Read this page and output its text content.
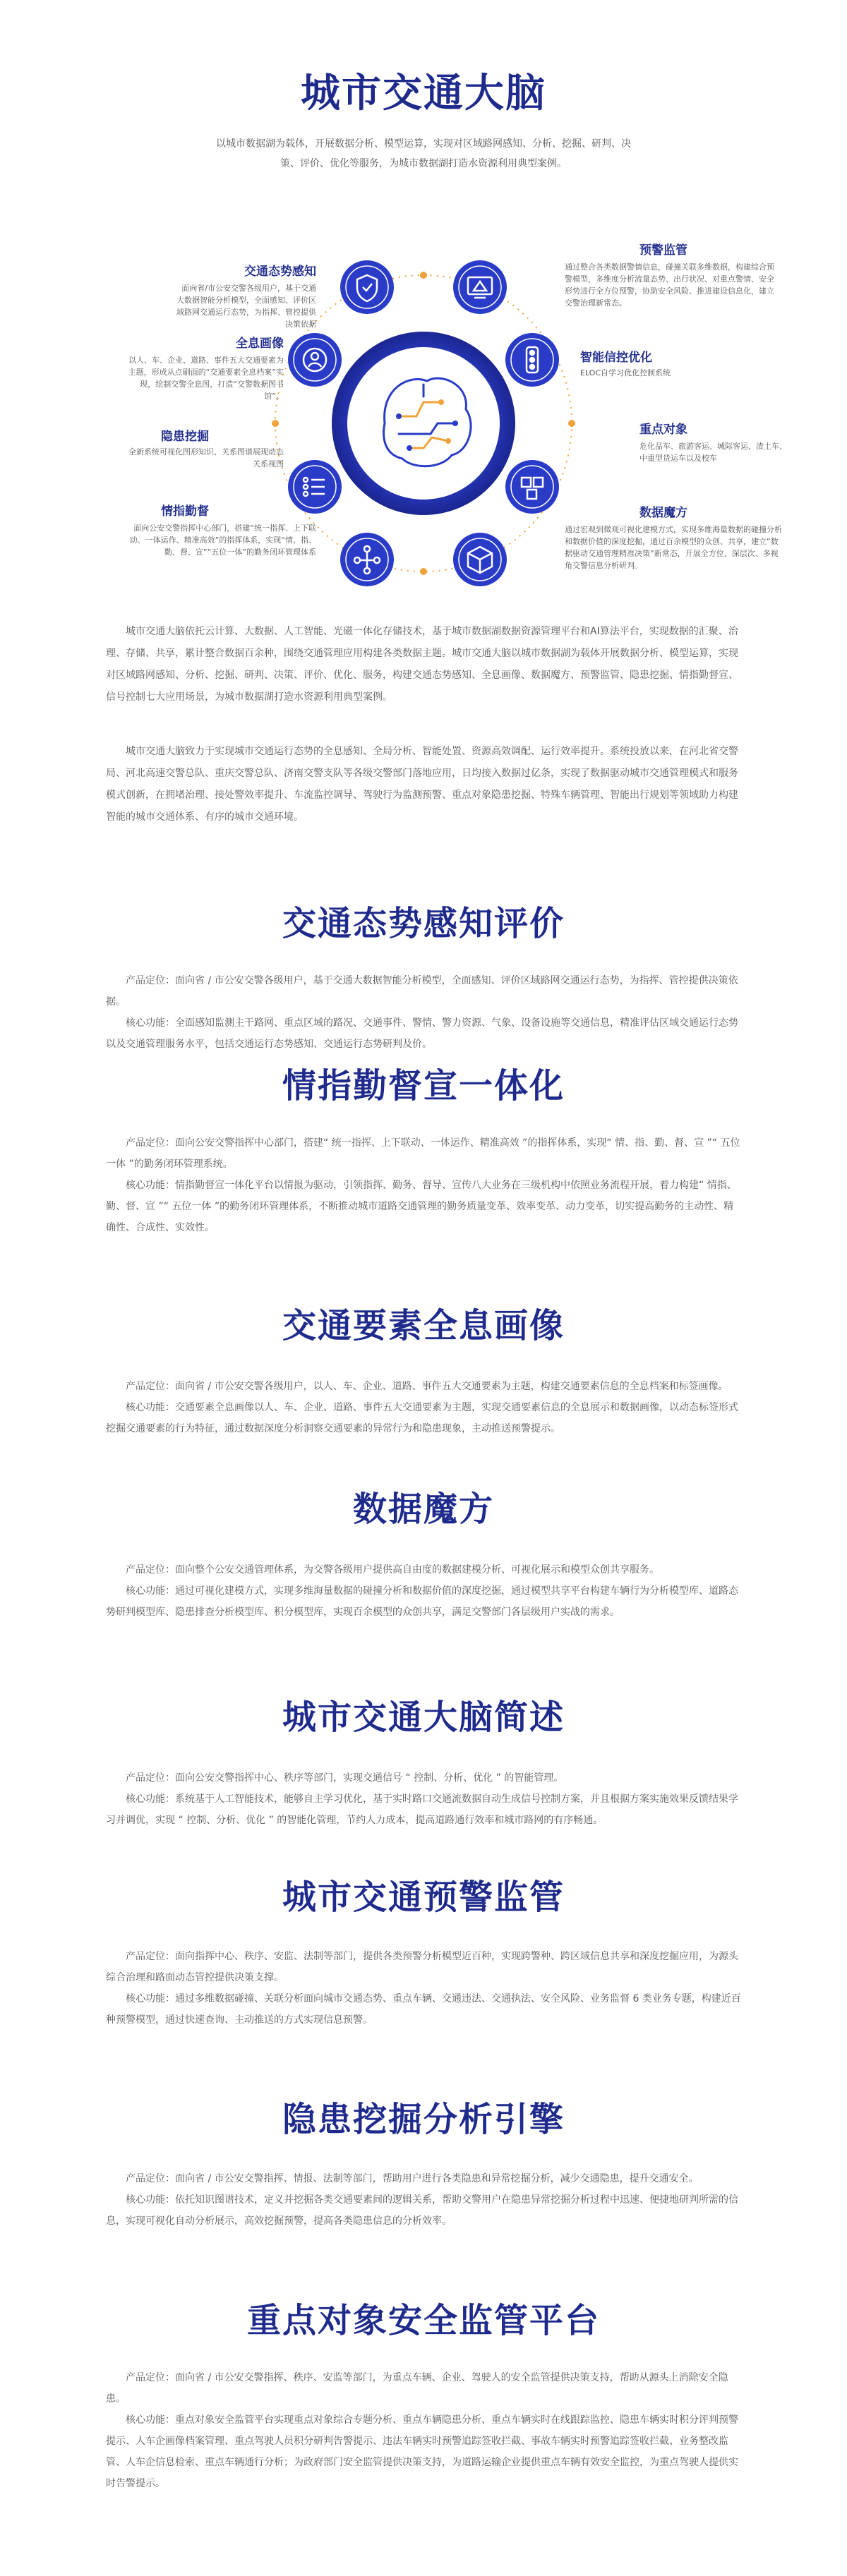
城市交通大脑

以城市数据湖为载体，开展数据分析、模型运算，实现对区域路网感知、分析、挖掘、研判、决策、评价、优化等服务，为城市数据湖打造水资源利用典型案例。

交通态势感知

面向省/市公安交警各级用户，基于交通大数据智能分析模型，全面感知、评价区域路网交通运行态势，为指挥、管控提供决策依据

全息画像

以人、车、企业、道路、事件五大交通要素为主题，形成从点刷面的“交通要素全息档案”实现，绘制交警全息图，打造“交警数据图书馆”。

隐患挖掘

全新系统可视化图形知识、关系图谱展现动态关系视图

情指勤督

面向公安交警指挥中心部门，搭建“统一指挥、上下联动、一体运作、精准高效”的指挥体系，实现“情、指、勤、督、宣”“五位一体”的勤务闭环管理体系

预警监管

通过整合各类数据警情信息，碰撞关联多维数据，构建综合预警模型，多维度分析流量态势、出行状况、对重点警情、安全形势进行全方位预警，协助安全风险、推进建设信息化，建立交警治理新常态。

智能信控优化

ELOC自学习优化控制系统

重点对象

危化品车、旅游客运、城际客运、渣土车、中重型货运车以及校车

数据魔方

通过宏观到微观可视化建模方式，实现多维海量数据的碰撞分析和数据价值的深度挖掘，通过百余模型的众创、共享，建立“数据驱动交通管理精准决策”新常态，开展全方位、深层次、多视角交警信息分析研判。

城市交通大脑依托云计算、大数据、人工智能、光磁一体化存储技术，基于城市数据湖数据资源管理平台和AI算法平台，实现数据的汇聚、治理、存储、共享，累计整合数据百余种，围绕交通管理应用构建各类数据主题。城市交通大脑以城市数据湖为载体开展数据分析、模型运算，实现对区域路网感知、分析、挖掘、研判、决策、评价、优化、服务，构建交通态势感知、全息画像、数据魔方、预警监管、隐患挖掘、情指勤督宣、信号控制七大应用场景，为城市数据湖打造水资源利用典型案例。

城市交通大脑致力于实现城市交通运行态势的全息感知、全局分析、智能处置、资源高效调配、运行效率提升。系统投放以来，在河北省交警局、河北高速交警总队、重庆交警总队、济南交警支队等各级交警部门落地应用，日均接入数据过亿条，实现了数据驱动城市交通管理模式和服务模式创新，在拥堵治理、接处警效率提升、车流监控调导、驾驶行为监测预警、重点对象隐患挖掘、特殊车辆管理、智能出行规划等领域助力构建智能的城市交通体系、有序的城市交通环境。

交通态势感知评价

产品定位：面向省 / 市公安交警各级用户，基于交通大数据智能分析模型，全面感知、评价区域路网交通运行态势，为指挥、管控提供决策依据。

核心功能：全面感知监测主干路网、重点区域的路况、交通事件、警情、警力资源、气象、设备设施等交通信息，精准评估区域交通运行态势以及交通管理服务水平，包括交通运行态势感知、交通运行态势研判及价。

情指勤督宣一体化

产品定位：面向公安交警指挥中心部门，搭建“ 统一指挥、上下联动、一体运作、精准高效 ”的指挥体系，实现“ 情、指、勤、督、宣 ”“ 五位一体 ”的勤务闭环管理系统。

核心功能：情指勤督宣一体化平台以情报为驱动，引领指挥、勤务、督导、宣传八大业务在三级机构中依照业务流程开展，着力构建“ 情指、勤、督、宣 ”“ 五位一体 ”的勤务闭环管理体系，不断推动城市道路交通管理的勤务质量变革、效率变革、动力变革，切实提高勤务的主动性、精确性、合成性、实效性。

交通要素全息画像

产品定位：面向省 / 市公安交警各级用户，以人、车、企业、道路、事件五大交通要素为主题，构建交通要素信息的全息档案和标签画像。

核心功能：交通要素全息画像以人、车、企业、道路、事件五大交通要素为主题，实现交通要素信息的全息展示和数据画像，以动态标签形式挖掘交通要素的行为特征，通过数据深度分析洞察交通要素的异常行为和隐患现象，主动推送预警提示。

数据魔方

产品定位：面向整个公安交通管理体系，为交警各级用户提供高自由度的数据建模分析、可视化展示和模型众创共享服务。

核心功能：通过可视化建模方式，实现多维海量数据的碰撞分析和数据价值的深度挖掘，通过模型共享平台构建车辆行为分析模型库、道路态势研判模型库、隐患排查分析模型库、积分模型库，实现百余模型的众创共享，满足交警部门各层级用户实战的需求。

城市交通大脑简述

产品定位：面向公安交警指挥中心、秩序等部门，实现交通信号 “ 控制、分析、优化 ” 的智能管理。

核心功能：系统基于人工智能技术，能够自主学习优化，基于实时路口交通流数据自动生成信号控制方案，并且根据方案实施效果反馈结果学习并调优，实现 “ 控制、分析、优化 ” 的智能化管理，节约人力成本，提高道路通行效率和城市路网的有序畅通。

城市交通预警监管

产品定位：面向指挥中心、秩序、安监、法制等部门，提供各类预警分析模型近百种，实现跨警种、跨区域信息共享和深度挖掘应用，为源头综合治理和路面动态管控提供决策支撑。

核心功能：通过多维数据碰撞、关联分析面向城市交通态势、重点车辆、交通违法、交通执法、安全风险、业务监督 6 类业务专题，构建近百种预警模型，通过快速查询、主动推送的方式实现信息预警。

隐患挖掘分析引擎

产品定位：面向省 / 市公安交警指挥、情报、法制等部门，帮助用户进行各类隐患和异常挖掘分析，减少交通隐患，提升交通安全。

核心功能：依托知识图谱技术，定义并挖掘各类交通要素间的逻辑关系，帮助交警用户在隐患异常挖掘分析过程中迅速、便捷地研判所需的信息，实现可视化自动分析展示，高效挖掘预警，提高各类隐患信息的分析效率。

重点对象安全监管平台

产品定位：面向省 / 市公安交警指挥、秩序、安监等部门，为重点车辆、企业、驾驶人的安全监管提供决策支持，帮助从源头上消除安全隐患。

核心功能：重点对象安全监管平台实现重点对象综合专题分析、重点车辆隐患分析、重点车辆实时在线跟踪监控、隐患车辆实时积分评判预警提示、人车企画像档案管理、重点驾驶人员积分研判告警提示、违法车辆实时预警追踪签收拦截、事故车辆实时预警追踪签收拦截、业务整改监管、人车企信息检索、重点车辆通行分析；为政府部门安全监管提供决策支持，为道路运输企业提供重点车辆有效安全监控，为重点驾驶人提供实时告警提示。
